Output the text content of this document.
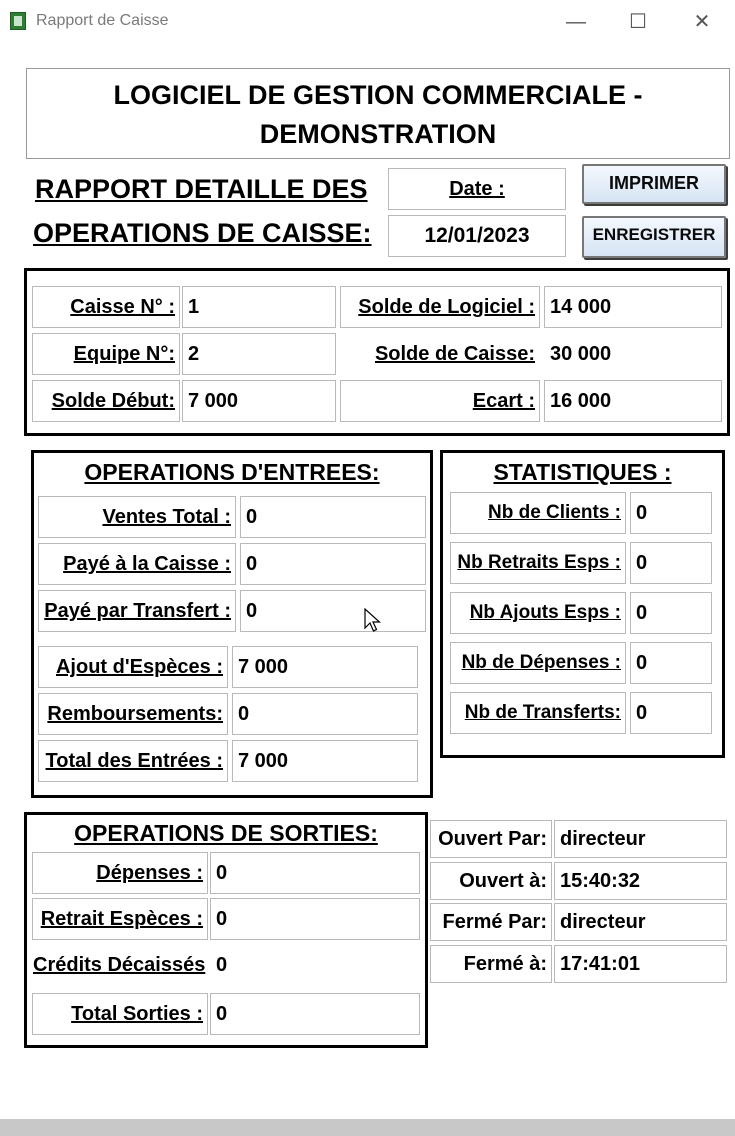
Rapport de Caisse	—	☐	✕
LOGICIEL DE GESTION COMMERCIALE -
DEMONSTRATION
RAPPORT DETAILLE DES
OPERATIONS DE CAISSE:
Date :
12/01/2023
IMPRIMER
ENREGISTRER
Caisse N° : 1
Equipe N°: 2
Solde Début: 7 000
Solde de Logiciel : 14 000
Solde de Caisse: 30 000
Ecart : 16 000
OPERATIONS D'ENTREES:
Ventes Total : 0
Payé à la Caisse : 0
Payé par Transfert : 0
Ajout d'Espèces : 7 000
Remboursements: 0
Total des Entrées : 7 000
STATISTIQUES :
Nb de Clients : 0
Nb Retraits Esps : 0
Nb Ajouts Esps : 0
Nb de Dépenses : 0
Nb de Transferts: 0
OPERATIONS DE SORTIES:
Dépenses : 0
Retrait Espèces : 0
Crédits Décaissés 0
Total Sorties : 0
Ouvert Par: directeur
Ouvert à: 15:40:32
Fermé Par: directeur
Fermé à: 17:41:01
